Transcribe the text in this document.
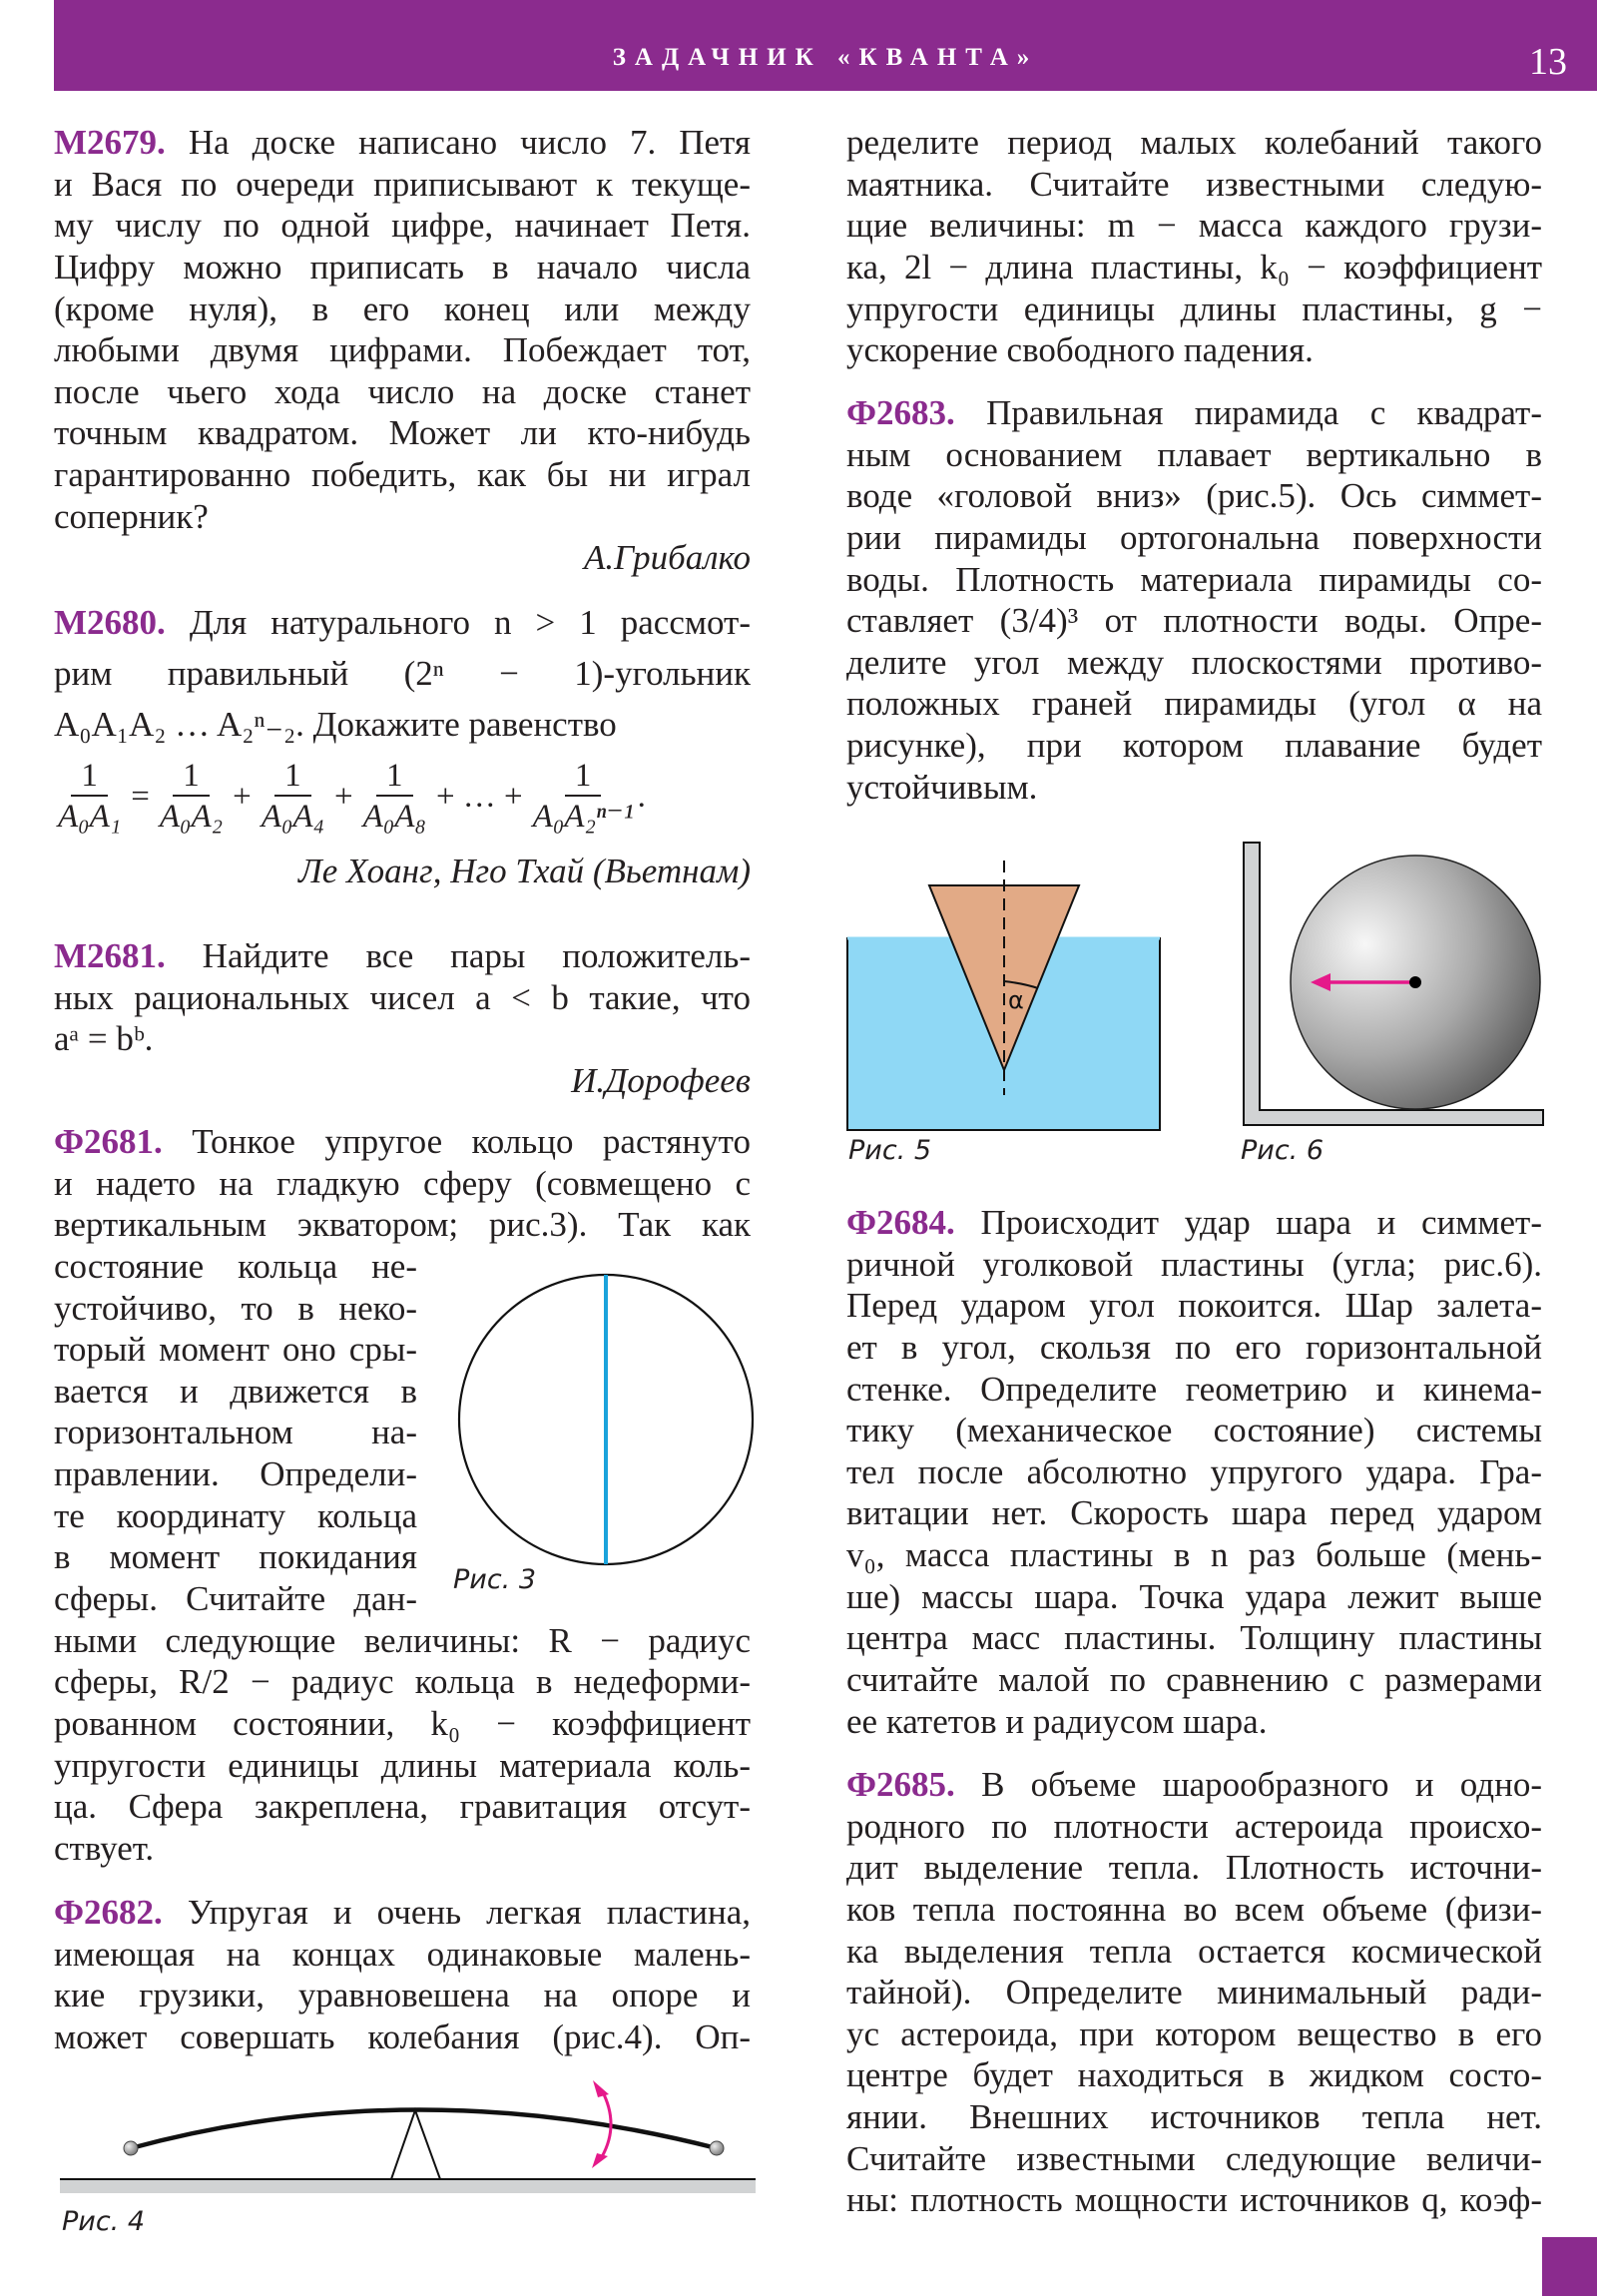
ЗАДАЧНИК «КВАНТА»	13
М2679. На доске написано число 7. Петя
и Вася по очереди приписывают к текуще-
му числу по одной цифре, начинает Петя.
Цифру можно приписать в начало числа
(кроме нуля), в его конец или между
любыми двумя цифрами. Побеждает тот,
после чьего хода число на доске станет
точным квадратом. Может ли кто-нибудь
гарантированно победить, как бы ни играл
соперник?
А.Грибалко
М2680. Для натурального n > 1 рассмот-
рим правильный (2ⁿ − 1)-угольник
A₀A₁A₂ … A₂ⁿ₋₂. Докажите равенство
$\frac{1}{\text{A₀A₁}} = \frac{1}{\text{A₀A₂}} + \frac{1}{\text{A₀A₄}} + \frac{1}{\text{A₀A₈}}$ + … + $\frac{1}{\text{A₀A₂ⁿ⁻¹}}$ .
Ле Хоанг, Нго Тхай (Вьетнам)
М2681. Найдите все пары положитель-
ных рациональных чисел a < b такие, что
aᵃ = bᵇ.
И.Дорофеев
Ф2681. Тонкое упругое кольцо растянуто
и надето на гладкую сферу (совмещено с
вертикальным экватором; рис.3). Так как
состояние кольца не-
устойчиво, то в неко-
торый момент оно сры-
вается и движется в
горизонтальном на-
правлении. Определи-
те координату кольца
в момент покидания
сферы. Считайте дан-
ными следующие величины: R − радиус
сферы, R/2 − радиус кольца в недеформи-
рованном состоянии, k₀ − коэффициент
упругости единицы длины материала коль-
ца. Сфера закреплена, гравитация отсут-
ствует.
Ф2682. Упругая и очень легкая пластина,
имеющая на концах одинаковые малень-
кие грузики, уравновешена на опоре и
может совершать колебания (рис.4). Оп-
ределите период малых колебаний такого
маятника. Считайте известными следую-
щие величины: m − масса каждого грузи-
ка, 2l − длина пластины, k₀ − коэффициент
упругости единицы длины пластины, g −
ускорение свободного падения.
Ф2683. Правильная пирамида с квадрат-
ным основанием плавает вертикально в
воде «головой вниз» (рис.5). Ось симмет-
рии пирамиды ортогональна поверхности
воды. Плотность материала пирамиды со-
ставляет (3/4)³ от плотности воды. Опре-
делите угол между плоскостями противо-
положных граней пирамиды (угол α на
рисунке), при котором плавание будет
устойчивым.
Ф2684. Происходит удар шара и симмет-
ричной уголковой пластины (угла; рис.6).
Перед ударом угол покоится. Шар залета-
ет в угол, скользя по его горизонтальной
стенке. Определите геометрию и кинема-
тику (механическое состояние) системы
тел после абсолютно упругого удара. Гра-
витации нет. Скорость шара перед ударом
v₀, масса пластины в n раз больше (мень-
ше) массы шара. Точка удара лежит выше
центра масс пластины. Толщину пластины
считайте малой по сравнению с размерами
ее катетов и радиусом шара.
Ф2685. В объеме шарообразного и одно-
родного по плотности астероида происхо-
дит выделение тепла. Плотность источни-
ков тепла постоянна во всем объеме (физи-
ка выделения тепла остается космической
тайной). Определите минимальный ради-
ус астероида, при котором вещество в его
центре будет находиться в жидком состо-
янии. Внешних источников тепла нет.
Считайте известными следующие величи-
ны: плотность мощности источников q, коэф-
α
Рис. 3
Рис. 4
Рис. 5	Рис. 6
